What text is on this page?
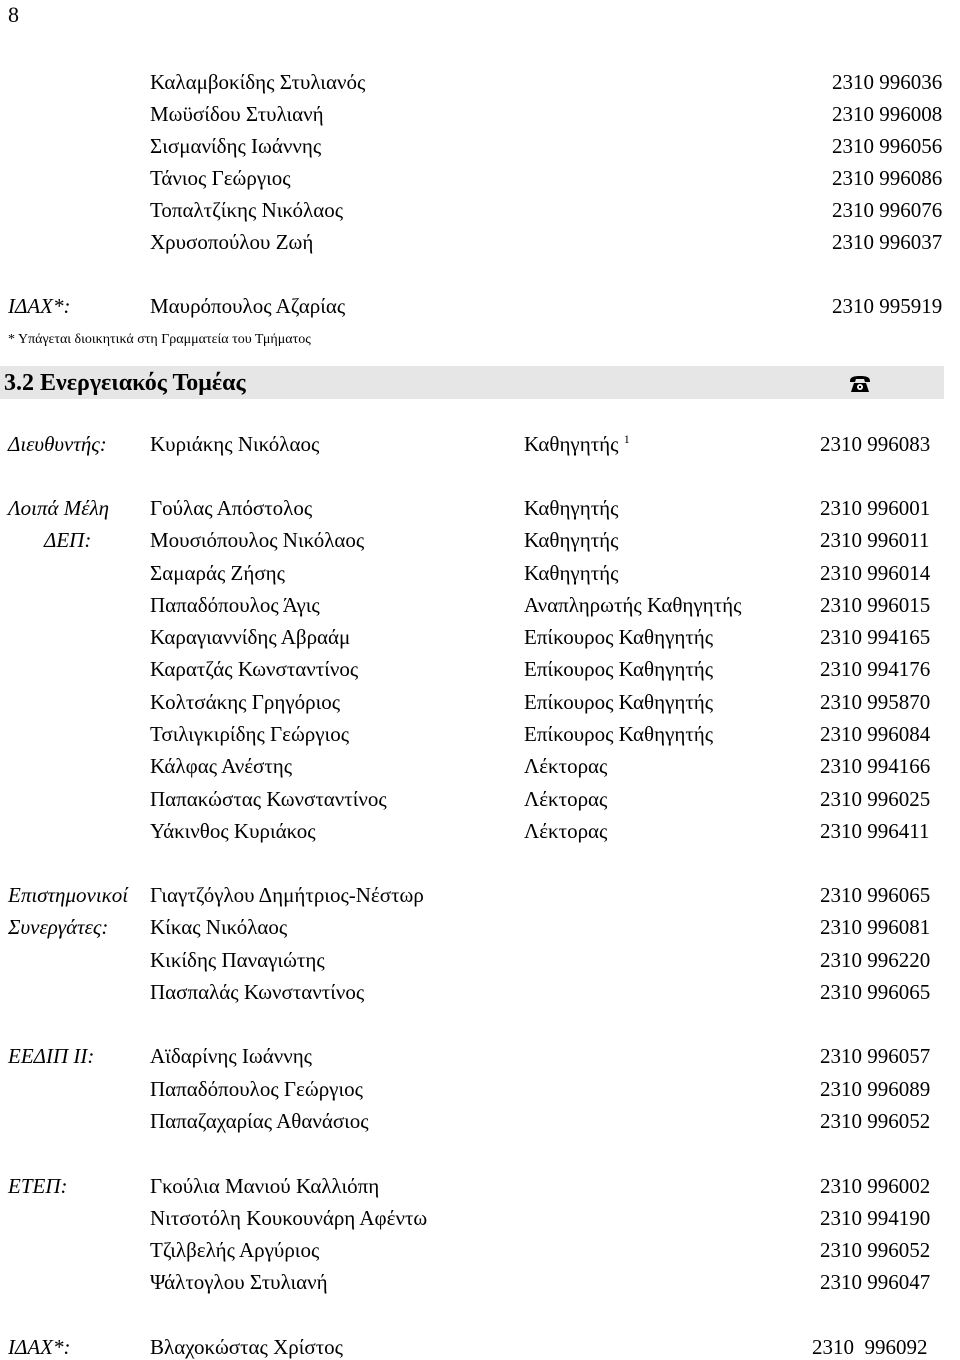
8
Καλαμβοκίδης Στυλιανός	2310 996036
Μωϋσίδου Στυλιανή	2310 996008
Σισμανίδης Ιωάννης	2310 996056
Τάνιος Γεώργιος	2310 996086
Τοπαλτζίκης Νικόλαος	2310 996076
Χρυσοπούλου Ζωή	2310 996037
ΙΔΑΧ*:	Μαυρόπουλος Αζαρίας	2310 995919
* Υπάγεται διοικητικά στη Γραμματεία του Τμήματος
3.2 Ενεργειακός Τομέας
Διευθυντής: Κυριάκης Νικόλαος	Καθηγητής $^1$	2310 996083
Λοιπά Μέλη
ΔΕΠ:
Γούλας Απόστολος	Καθηγητής	2310 996001
Μουσιόπουλος Νικόλαος	Καθηγητής	2310 996011
Σαμαράς Ζήσης	Καθηγητής	2310 996014
Παπαδόπουλος Άγις	Αναπληρωτής Καθηγητής	2310 996015
Καραγιαννίδης Αβραάμ	Επίκουρος Καθηγητής	2310 994165
Καρατζάς Κωνσταντίνος	Επίκουρος Καθηγητής	2310 994176
Κολτσάκης Γρηγόριος	Επίκουρος Καθηγητής	2310 995870
Τσιλιγκιρίδης Γεώργιος	Επίκουρος Καθηγητής	2310 996084
Κάλφας Ανέστης	Λέκτορας	2310 994166
Παπακώστας Κωνσταντίνος	Λέκτορας	2310 996025
Υάκινθος Κυριάκος	Λέκτορας	2310 996411
Επιστημονικοί
Συνεργάτες:
Γιαγτζόγλου Δημήτριος-Νέστωρ	2310 996065
Κίκας Νικόλαος	2310 996081
Κικίδης Παναγιώτης	2310 996220
Πασπαλάς Κωνσταντίνος	2310 996065
ΕΕΔΙΠ ΙΙ:	Αϊδαρίνης Ιωάννης	2310 996057
Παπαδόπουλος Γεώργιος	2310 996089
Παπαζαχαρίας Αθανάσιος	2310 996052
ΕΤΕΠ:	Γκούλια Μανιού Καλλιόπη	2310 996002
Νιτσοτόλη Κουκουνάρη Αφέντω	2310 994190
Τζιλβελής Αργύριος	2310 996052
Ψάλτογλου Στυλιανή	2310 996047
ΙΔΑΧ*:	Βλαχοκώστας Χρίστος	2310  996092
